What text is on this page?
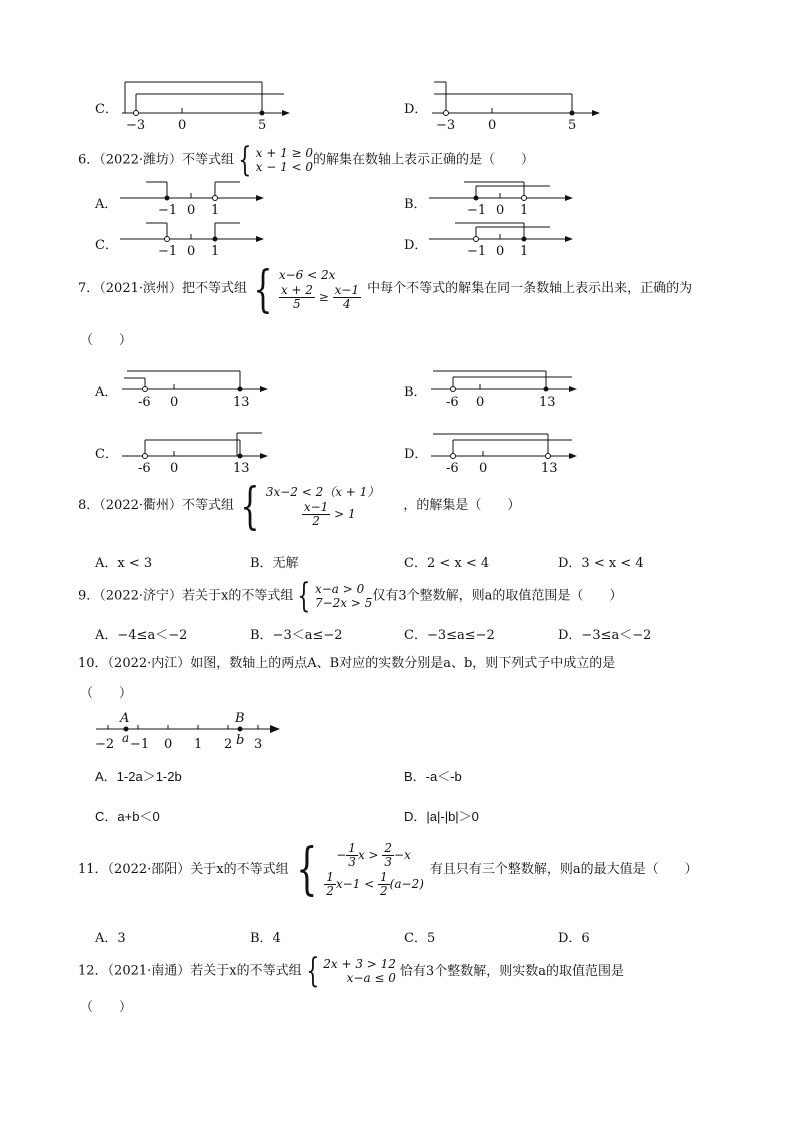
C．
−3	0	5
D．
−3	0	5
6．（2022·潍坊）不等式组 { x + 1 ≥ 0
x − 1 < 0 的解集在数轴上表示正确的是（　　）
A．	B．
C．	D．
−1 0 1	−1 0 1
−1 0 1	−1 0 1
7．（2021·滨州）把不等式组 { x−6 < 2x
$\frac{x + 2}{5} \ge \frac{x-1}{4}$ 中每个不等式的解集在同一条数轴上表示出来，正确的为
（　　）
A．	B．
C．	D．
-6 0	13	-6 0	13
-6 0	13	-6 0	13
8．（2022·衢州）不等式组 { 3x−2 < 2（x + 1）
$\frac{x-1}{2} > 1$
，的解集是（　　）
A．x < 3	B．无解	C．2 < x < 4	D．3 < x < 4
9．（2022·济宁）若关于x的不等式组 { x−a > 0
7−2x > 5 仅有3个整数解，则a的取值范围是（　　）
A．−4≤a＜−2	B．−3＜a≤−2	C．−3≤a≤−2	D．−3≤a＜−2
10．（2022·内江）如图，数轴上的两点A、B对应的实数分别是a、b，则下列式子中成立的是
（　　）
A	B
−2 a −1 0 1 2 b 3
A．1-2a＞1-2b	B．-a＜-b
C．a+b＜0	D．|a|-|b|＞0
11．（2022·邵阳）关于x的不等式组 {	− $\frac{1}{3}$ $x > \frac{2}{3} -x$
$\frac{1}{2} x-1 < \frac{1}{2} (a-2)$
有且只有三个整数解，则a的最大值是（　　）
A．3	B．4	C．5	D．6
12．（2021·南通）若关于x的不等式组 { 2x + 3 > 12
x−a ≤ 0 恰有3个整数解，则实数a的取值范围是
（　　）
